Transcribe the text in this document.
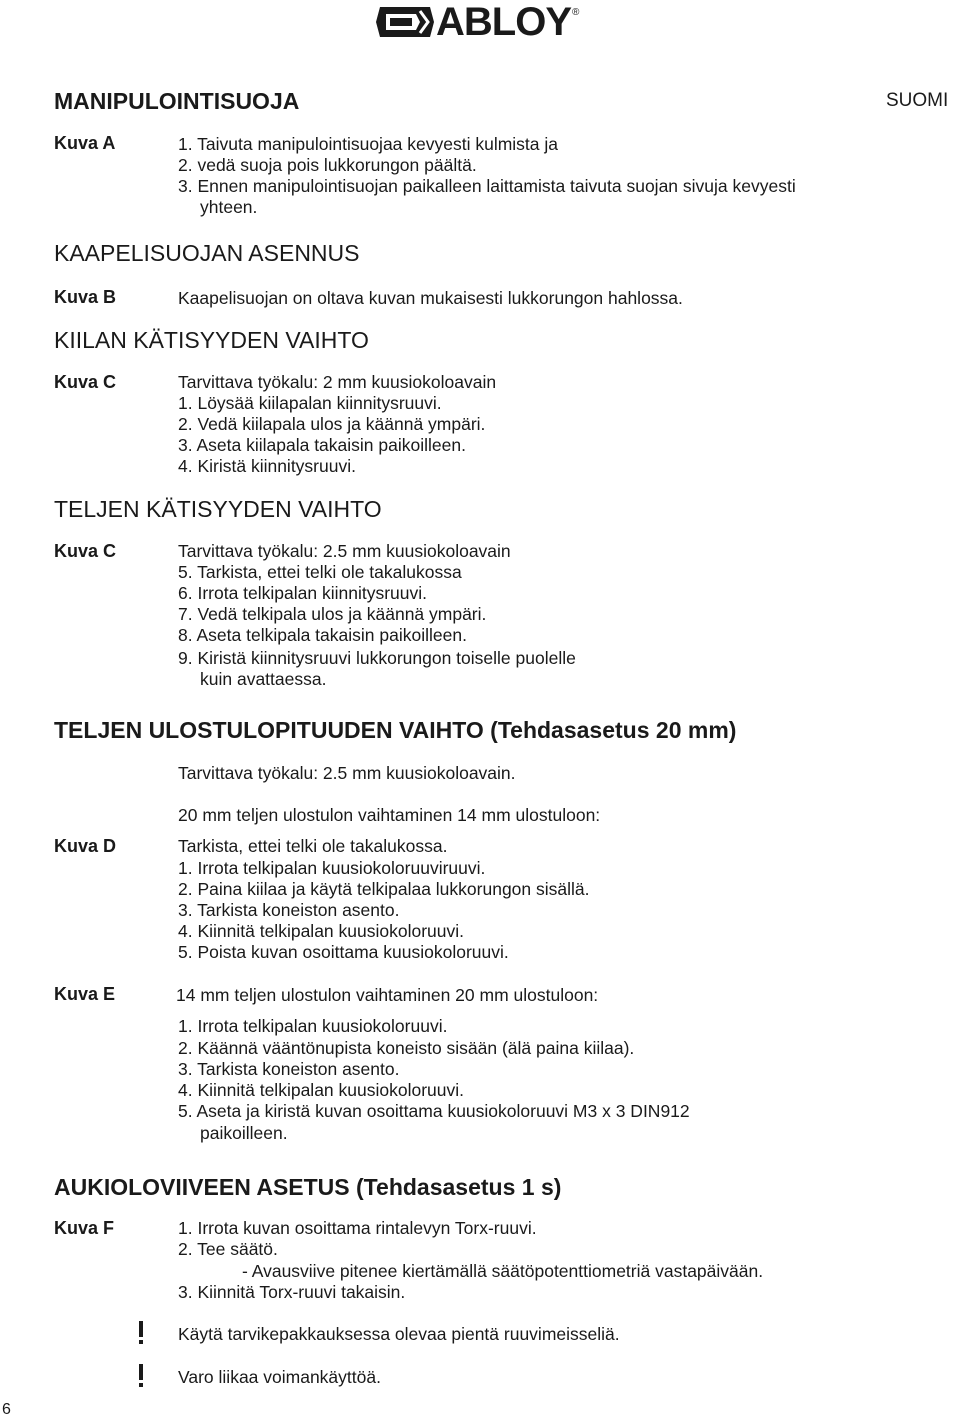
ABLOY ®
MANIPULOINTISUOJA	SUOMI
Kuva A	1. Taivuta manipulointisuojaa kevyesti kulmista ja
2. vedä suoja pois lukkorungon päältä.
3. Ennen manipulointisuojan paikalleen laittamista taivuta suojan sivuja kevyesti
yhteen.
KAAPELISUOJAN ASENNUS
Kuva B	Kaapelisuojan on oltava kuvan mukaisesti lukkorungon hahlossa.
KIILAN KÄTISYYDEN VAIHTO
Kuva C	Tarvittava työkalu: 2 mm kuusiokoloavain
1. Löysää kiilapalan kiinnitysruuvi.
2. Vedä kiilapala ulos ja käännä ympäri.
3. Aseta kiilapala takaisin paikoilleen.
4. Kiristä kiinnitysruuvi.
TELJEN KÄTISYYDEN VAIHTO
Kuva C	Tarvittava työkalu: 2.5 mm kuusiokoloavain
5. Tarkista, ettei telki ole takalukossa
6. Irrota telkipalan kiinnitysruuvi.
7. Vedä telkipala ulos ja käännä ympäri.
8. Aseta telkipala takaisin paikoilleen.
9. Kiristä kiinnitysruuvi lukkorungon toiselle puolelle
kuin avattaessa.
TELJEN ULOSTULOPITUUDEN VAIHTO (Tehdasasetus 20 mm)
Tarvittava työkalu: 2.5 mm kuusiokoloavain.
20 mm teljen ulostulon vaihtaminen 14 mm ulostuloon:
Kuva D	Tarkista, ettei telki ole takalukossa.
1. Irrota telkipalan kuusiokoloruuviruuvi.
2. Paina kiilaa ja käytä telkipalaa lukkorungon sisällä.
3. Tarkista koneiston asento.
4. Kiinnitä telkipalan kuusiokoloruuvi.
5. Poista kuvan osoittama kuusiokoloruuvi.
Kuva E	14 mm teljen ulostulon vaihtaminen 20 mm ulostuloon:
1. Irrota telkipalan kuusiokoloruuvi.
2. Käännä vääntönupista koneisto sisään (älä paina kiilaa).
3. Tarkista koneiston asento.
4. Kiinnitä telkipalan kuusiokoloruuvi.
5. Aseta ja kiristä kuvan osoittama kuusiokoloruuvi M3 x 3 DIN912
paikoilleen.
AUKIOLOVIIVEEN ASETUS (Tehdasasetus 1 s)
Kuva F	1. Irrota kuvan osoittama rintalevyn Torx-ruuvi.
2. Tee säätö.
- Avausviive pitenee kiertämällä säätöpotenttiometriä vastapäivään.
3. Kiinnitä Torx-ruuvi takaisin.
Käytä tarvikepakkauksessa olevaa pientä ruuvimeisseliä.
Varo liikaa voimankäyttöä.
6
